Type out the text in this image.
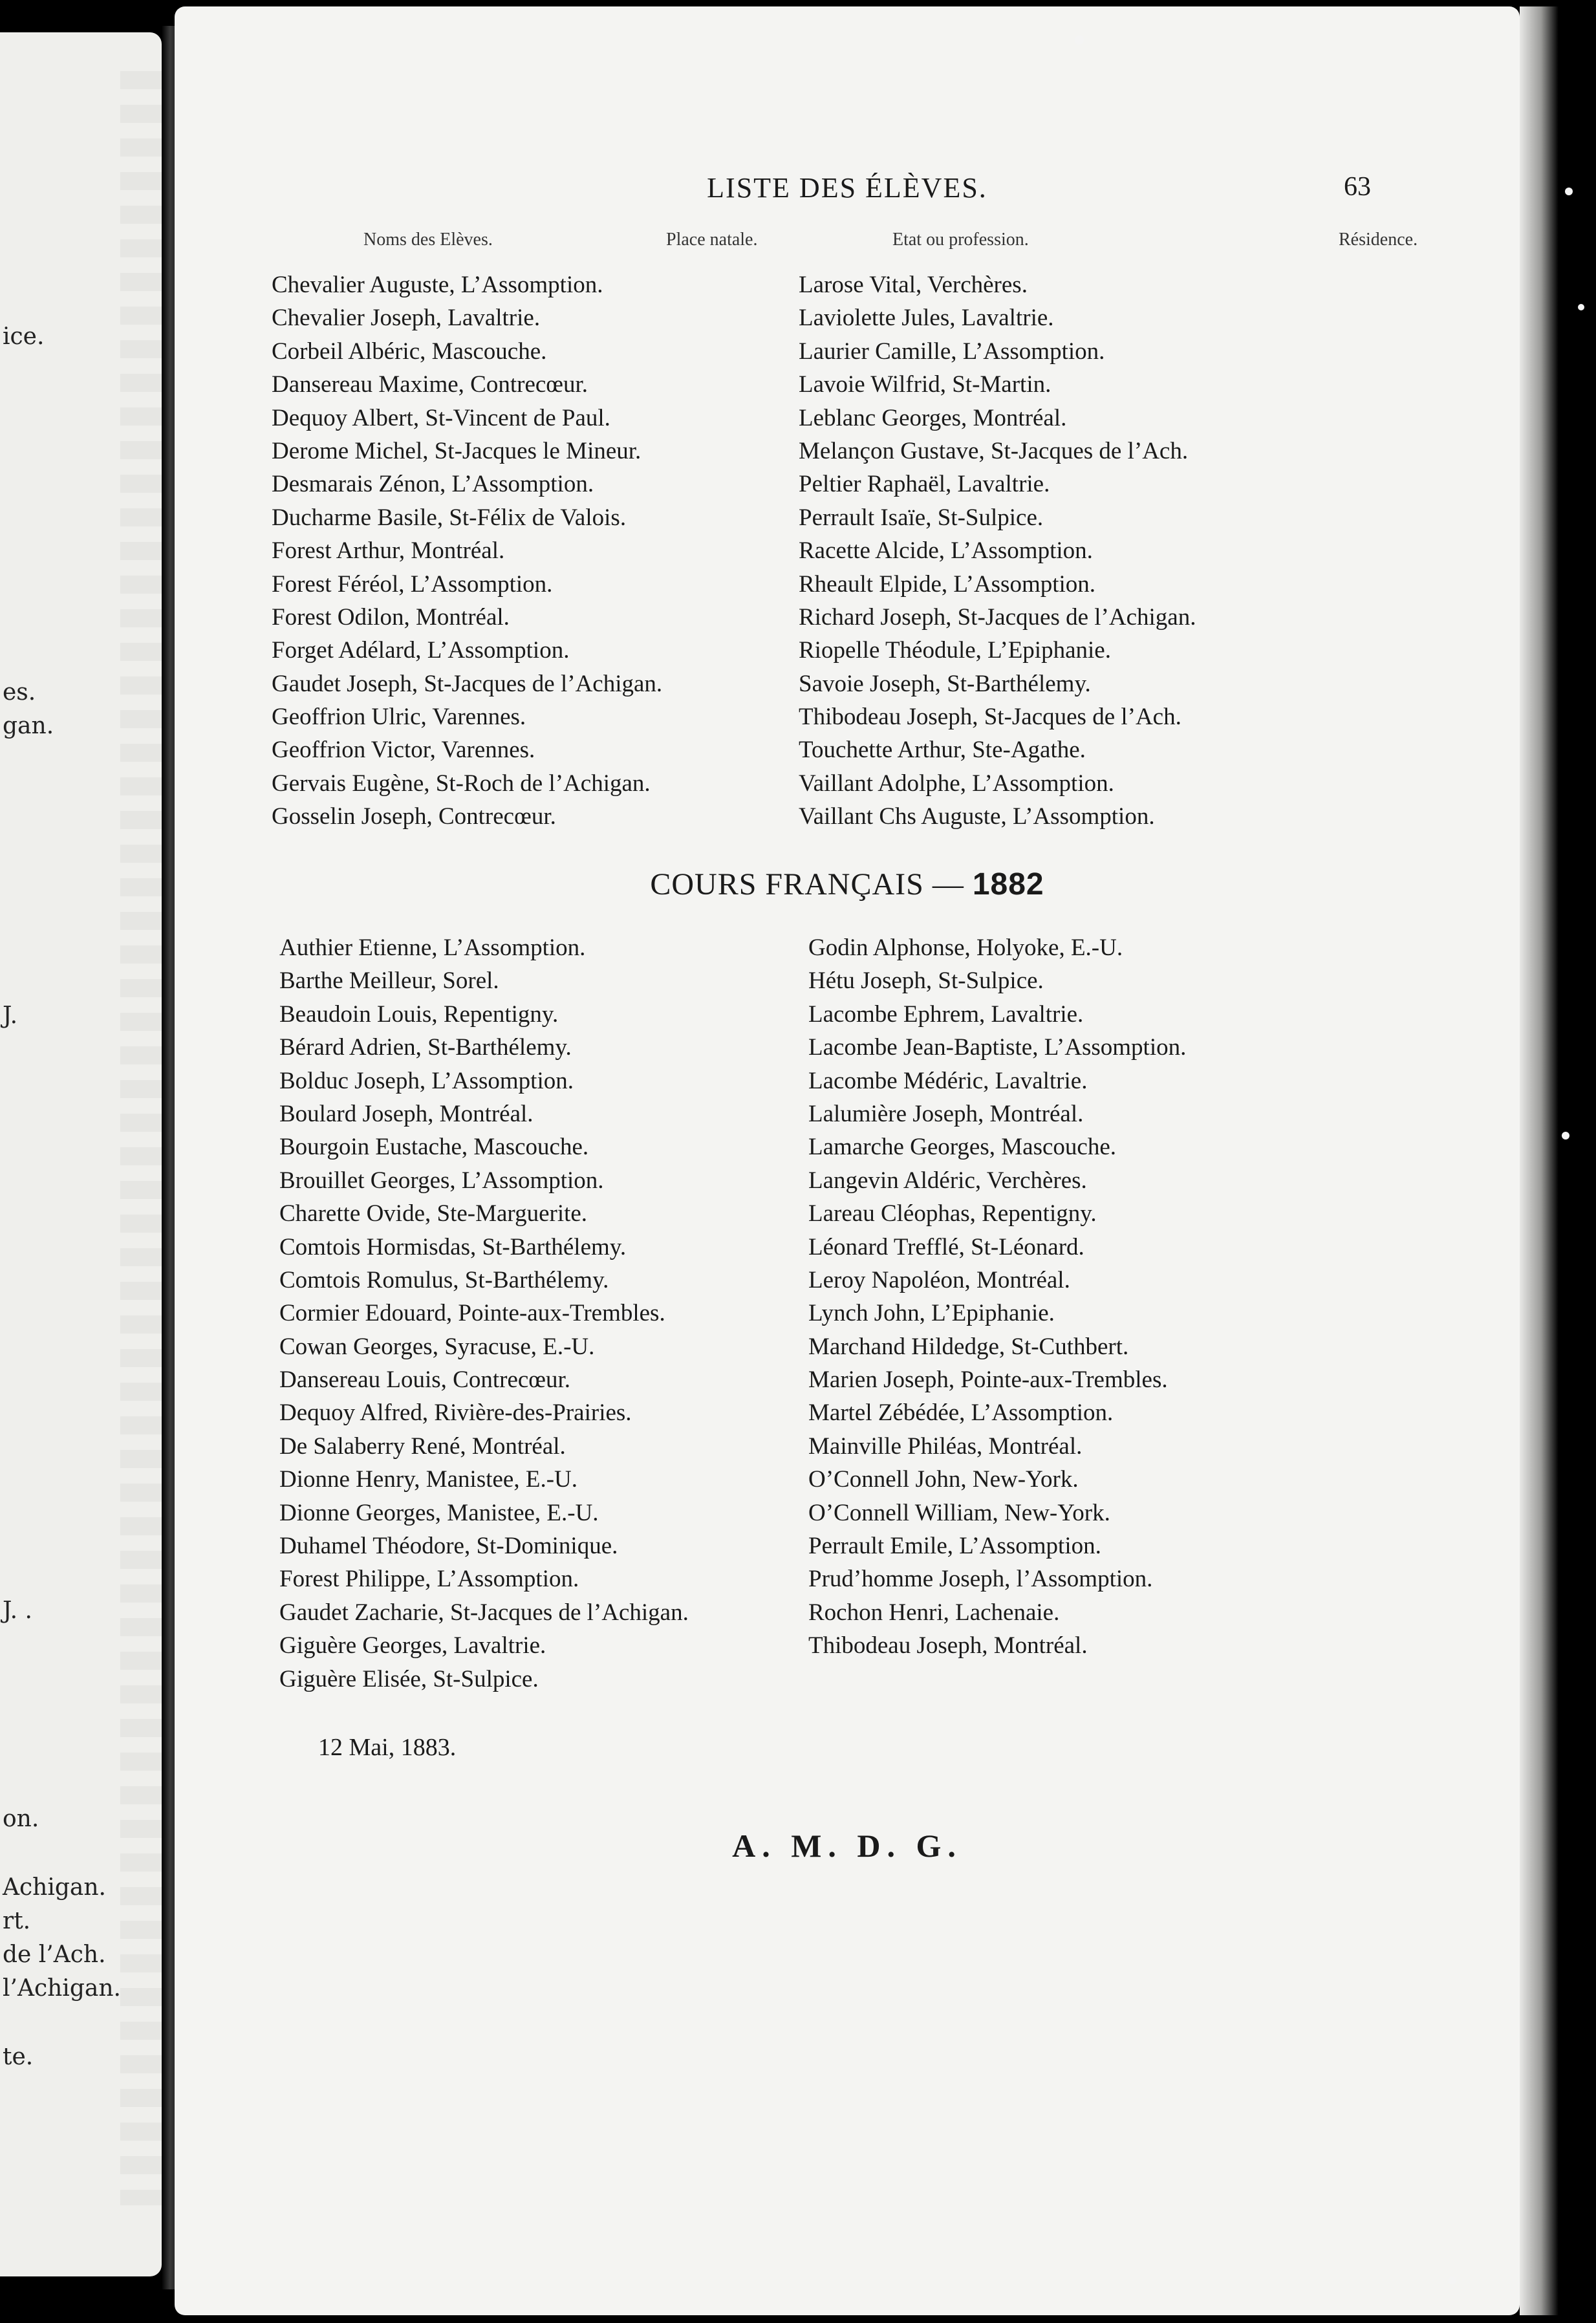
ice.
es.
gan.
J.
J. .
on.
Achigan.
rt.
de l’Ach.
l’Achigan.
te.
LISTE DES ÉLÈVES.	63
Noms des Elèves.	Place natale.	Etat ou profession.	Résidence.
Chevalier Auguste, L’Assomption.
Chevalier Joseph, Lavaltrie.
Corbeil Albéric, Mascouche.
Dansereau Maxime, Contrecœur.
Dequoy Albert, St-Vincent de Paul.
Derome Michel, St-Jacques le Mineur.
Desmarais Zénon, L’Assomption.
Ducharme Basile, St-Félix de Valois.
Forest Arthur, Montréal.
Forest Féréol, L’Assomption.
Forest Odilon, Montréal.
Forget Adélard, L’Assomption.
Gaudet Joseph, St-Jacques de l’Achigan.
Geoffrion Ulric, Varennes.
Geoffrion Victor, Varennes.
Gervais Eugène, St-Roch de l’Achigan.
Gosselin Joseph, Contrecœur.
Larose Vital, Verchères.
Laviolette Jules, Lavaltrie.
Laurier Camille, L’Assomption.
Lavoie Wilfrid, St-Martin.
Leblanc Georges, Montréal.
Melançon Gustave, St-Jacques de l’Ach.
Peltier Raphaël, Lavaltrie.
Perrault Isaïe, St-Sulpice.
Racette Alcide, L’Assomption.
Rheault Elpide, L’Assomption.
Richard Joseph, St-Jacques de l’Achigan.
Riopelle Théodule, L’Epiphanie.
Savoie Joseph, St-Barthélemy.
Thibodeau Joseph, St-Jacques de l’Ach.
Touchette Arthur, Ste-Agathe.
Vaillant Adolphe, L’Assomption.
Vaillant Chs Auguste, L’Assomption.
COURS FRANÇAIS — 1882
Authier Etienne, L’Assomption.
Barthe Meilleur, Sorel.
Beaudoin Louis, Repentigny.
Bérard Adrien, St-Barthélemy.
Bolduc Joseph, L’Assomption.
Boulard Joseph, Montréal.
Bourgoin Eustache, Mascouche.
Brouillet Georges, L’Assomption.
Charette Ovide, Ste-Marguerite.
Comtois Hormisdas, St-Barthélemy.
Comtois Romulus, St-Barthélemy.
Cormier Edouard, Pointe-aux-Trembles.
Cowan Georges, Syracuse, E.-U.
Dansereau Louis, Contrecœur.
Dequoy Alfred, Rivière-des-Prairies.
De Salaberry René, Montréal.
Dionne Henry, Manistee, E.-U.
Dionne Georges, Manistee, E.-U.
Duhamel Théodore, St-Dominique.
Forest Philippe, L’Assomption.
Gaudet Zacharie, St-Jacques de l’Achigan.
Giguère Georges, Lavaltrie.
Giguère Elisée, St-Sulpice.
Godin Alphonse, Holyoke, E.-U.
Hétu Joseph, St-Sulpice.
Lacombe Ephrem, Lavaltrie.
Lacombe Jean-Baptiste, L’Assomption.
Lacombe Médéric, Lavaltrie.
Lalumière Joseph, Montréal.
Lamarche Georges, Mascouche.
Langevin Aldéric, Verchères.
Lareau Cléophas, Repentigny.
Léonard Trefflé, St-Léonard.
Leroy Napoléon, Montréal.
Lynch John, L’Epiphanie.
Marchand Hildedge, St-Cuthbert.
Marien Joseph, Pointe-aux-Trembles.
Martel Zébédée, L’Assomption.
Mainville Philéas, Montréal.
O’Connell John, New-York.
O’Connell William, New-York.
Perrault Emile, L’Assomption.
Prud’homme Joseph, l’Assomption.
Rochon Henri, Lachenaie.
Thibodeau Joseph, Montréal.
12 Mai, 1883.
A. M. D. G.
